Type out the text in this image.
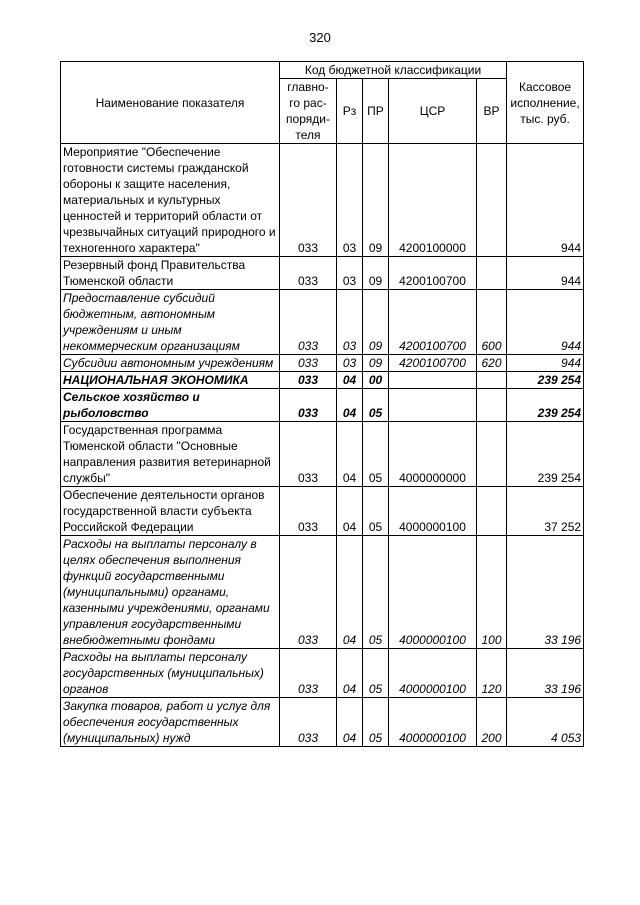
320
Наименование показателя	Код бюджетной классификации					Кассовое исполнение, тыс. руб.
	главно-го рас-поряди-теля	Рз	ПР	ЦСР	ВР	
Мероприятие "Обеспечение готовности системы гражданской обороны к защите населения, материальных и культурных ценностей и территорий области от чрезвычайных ситуаций природного и техногенного характера"	033	03	09	4200100000		944
Резервный фонд Правительства Тюменской области	033	03	09	4200100700		944
Предоставление субсидий бюджетным, автономным учреждениям и иным некоммерческим организациям	033	03	09	4200100700	600	944
Субсидии автономным учреждениям	033	03	09	4200100700	620	944
НАЦИОНАЛЬНАЯ ЭКОНОМИКА	033	04	00			239 254
Сельское хозяйство и рыболовство	033	04	05			239 254
Государственная программа Тюменской области "Основные направления развития ветеринарной службы"	033	04	05	4000000000		239 254
Обеспечение деятельности органов государственной власти субъекта Российской Федерации	033	04	05	4000000100		37 252
Расходы на выплаты персоналу в целях обеспечения выполнения функций государственными (муниципальными) органами, казенными учреждениями, органами управления государственными внебюджетными фондами	033	04	05	4000000100	100	33 196
Расходы на выплаты персоналу государственных (муниципальных) органов	033	04	05	4000000100	120	33 196
Закупка товаров, работ и услуг для обеспечения государственных (муниципальных) нужд	033	04	05	4000000100	200	4 053
